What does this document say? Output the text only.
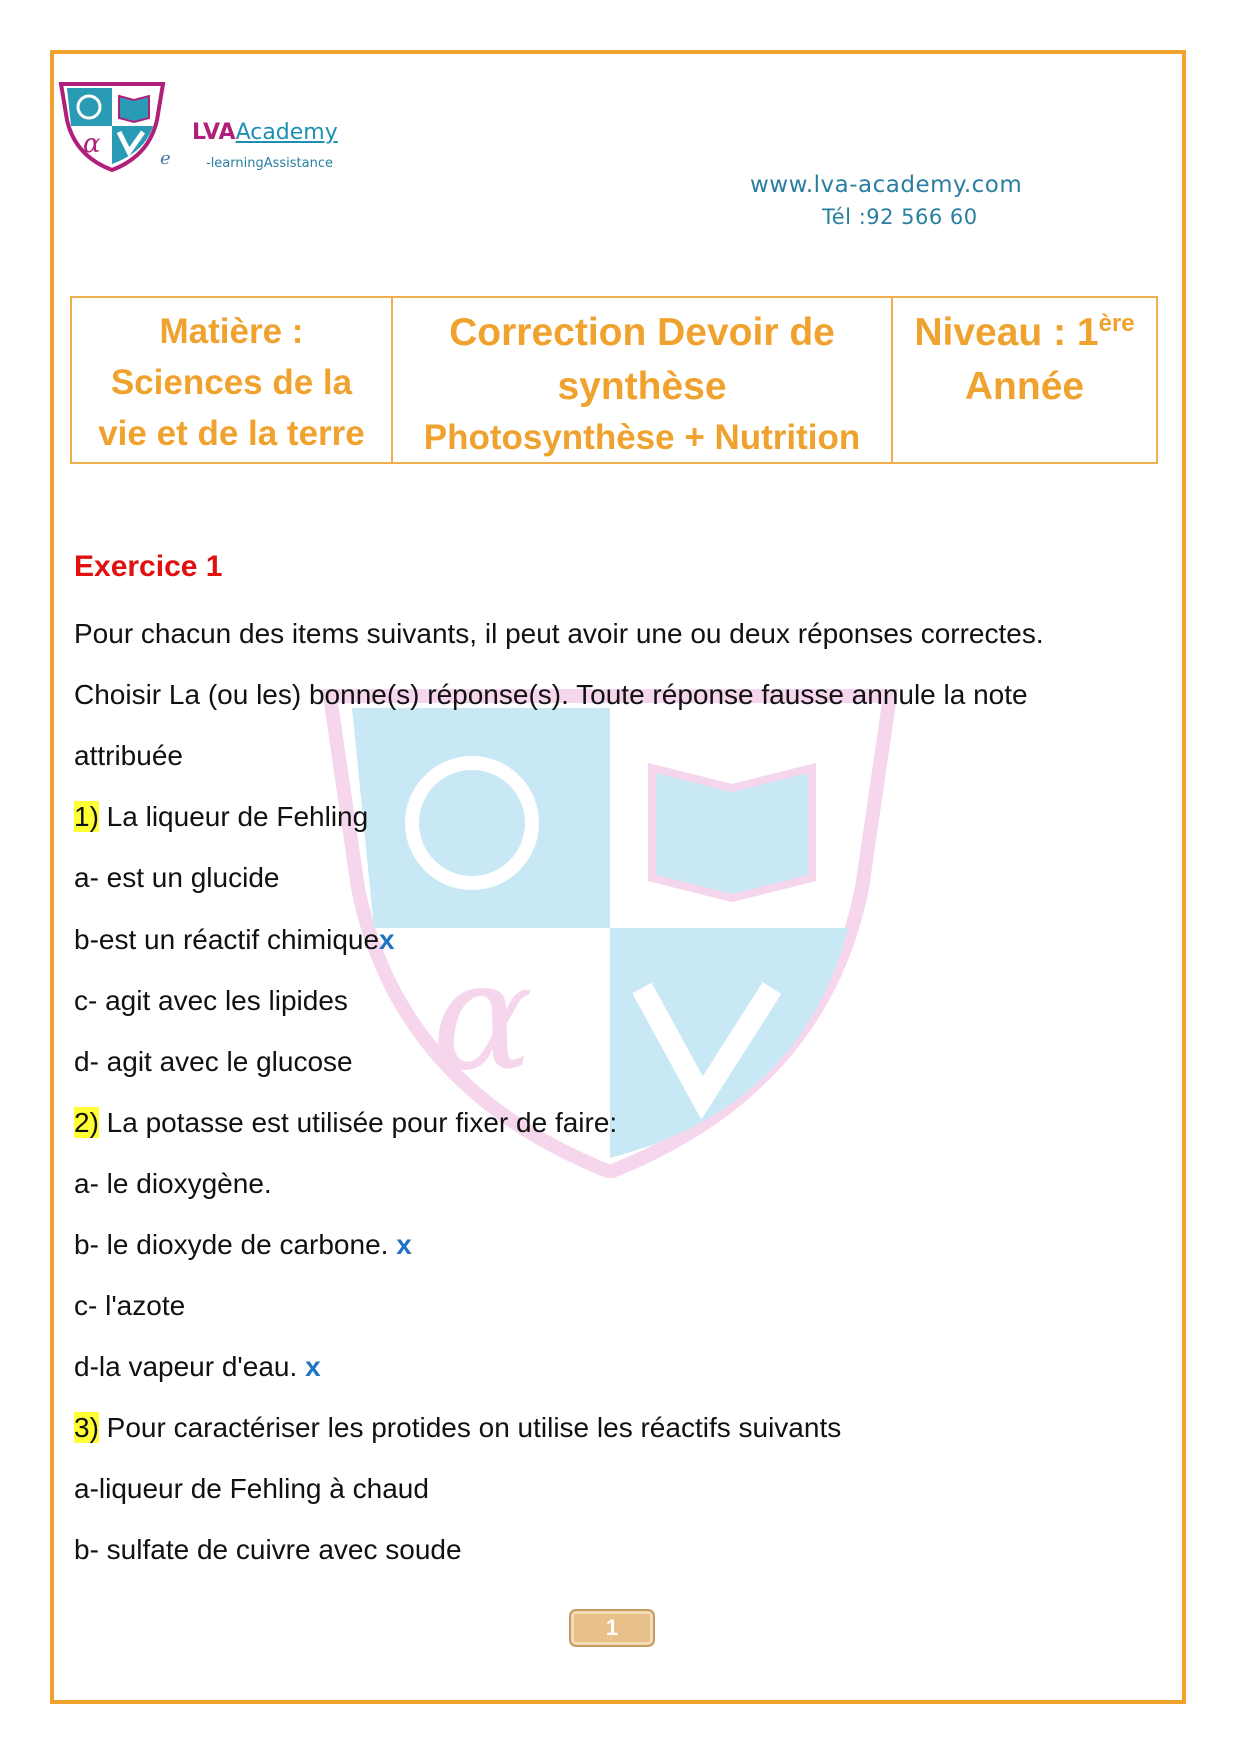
α	LVAAcademy
e	-learningAssistance
www.lva-academy.com
Tél :92 566 60
Matière :
Sciences de la
vie et de la terre
Correction Devoir de
synthèse
Photosynthèse + Nutrition
Niveau : 1ère
Année
α
Exercice 1
Pour chacun des items suivants, il peut avoir une ou deux réponses correctes.
Choisir La (ou les) bonne(s) réponse(s). Toute réponse fausse annule la note
attribuée
1) La liqueur de Fehling
a- est un glucide
b-est un réactif chimiquex
c- agit avec les lipides
d- agit avec le glucose
2) La potasse est utilisée pour fixer de faire:
a- le dioxygène.
b- le dioxyde de carbone. x
c- l'azote
d-la vapeur d'eau. x
3) Pour caractériser les protides on utilise les réactifs suivants
a-liqueur de Fehling à chaud
b- sulfate de cuivre avec soude
1
